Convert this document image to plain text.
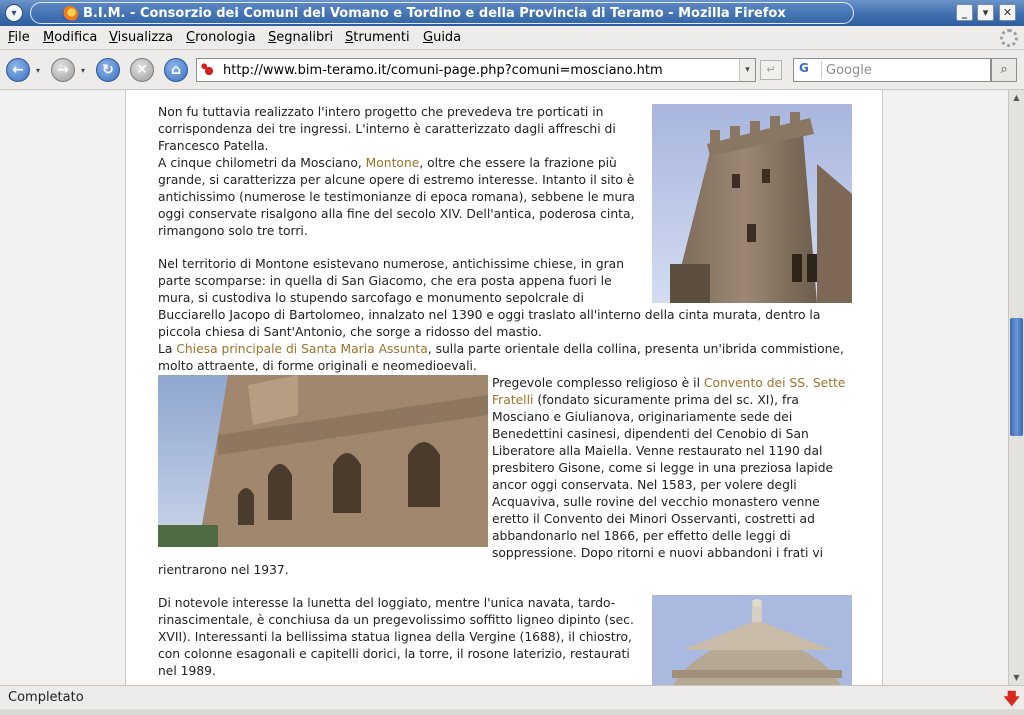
▾	B.I.M. - Consorzio dei Comuni del Vomano e Tordino e della Provincia di Teramo - Mozilla Firefox	_	▾	✕
File Modifica Visualizza Cronologia Segnalibri Strumenti Guida
←	▾	→	▾	↻	✕	⌂	http://www.bim-teramo.it/comuni-page.php?comuni=mosciano.htm	▾	↵	G	Google	⌕

Non fu tuttavia realizzato l'intero progetto che prevedeva tre porticati in corrispondenza dei tre ingressi. L'interno è caratterizzato dagli affreschi di Francesco Patella.
A cinque chilometri da Mosciano, Montone, oltre che essere la frazione più grande, si caratterizza per alcune opere di estremo interesse. Intanto il sito è antichissimo (numerose le testimonianze di epoca romana), sebbene le mura oggi conservate risalgono alla fine del secolo XIV. Dell'antica, poderosa cinta, rimangono solo tre torri.

Nel territorio di Montone esistevano numerose, antichissime chiese, in gran parte scomparse: in quella di San Giacomo, che era posta appena fuori le mura, si custodiva lo stupendo sarcofago e monumento sepolcrale di Bucciarello Jacopo di Bartolomeo, innalzato nel 1390 e oggi traslato all'interno della cinta murata, dentro la piccola chiesa di Sant'Antonio, che sorge a ridosso del mastio.
La Chiesa principale di Santa Maria Assunta, sulla parte orientale della collina, presenta un'ibrida commistione, molto attraente, di forme originali e neomedioevali.

Pregevole complesso religioso è il Convento dei SS. Sette Fratelli (fondato sicuramente prima del sc. XI), fra Mosciano e Giulianova, originariamente sede dei Benedettini casinesi, dipendenti del Cenobio di San Liberatore alla Maiella. Venne restaurato nel 1190 dal presbitero Gisone, come si legge in una preziosa lapide ancor oggi conservata. Nel 1583, per volere degli Acquaviva, sulle rovine del vecchio monastero venne eretto il Convento dei Minori Osservanti, costretti ad abbandonarlo nel 1866, per effetto delle leggi di soppressione. Dopo ritorni e nuovi abbandoni i frati vi rientrarono nel 1937.

Di notevole interesse la lunetta del loggiato, mentre l'unica navata, tardo-rinascimentale, è conchiusa da un pregevolissimo soffitto ligneo dipinto (sec. XVII). Interessanti la bellissima statua lignea della Vergine (1688), il chiostro, con colonne esagonali e capitelli dorici, la torre, il rosone laterizio, restaurati nel 1989.

▲
▼
Completato	🡇
